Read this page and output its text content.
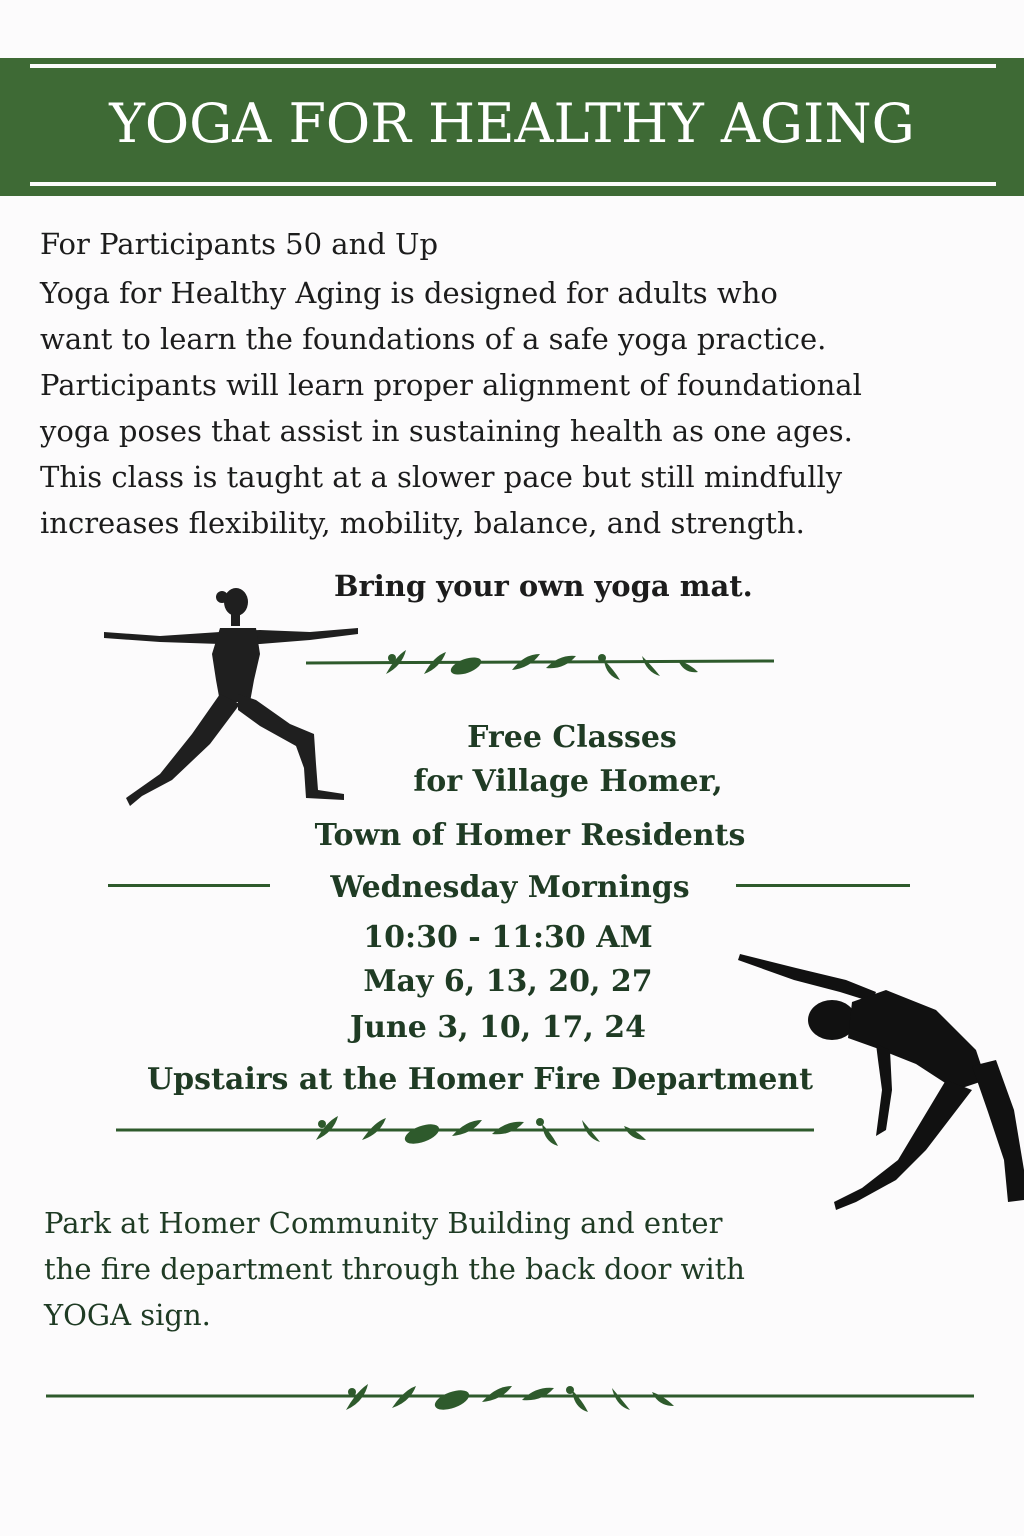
YOGA FOR HEALTHY AGING

For Participants 50 and Up

Yoga for Healthy Aging is designed for adults who
want to learn the foundations of a safe yoga practice.
Participants will learn proper alignment of foundational
yoga poses that assist in sustaining health as one ages.
This class is taught at a slower pace but still mindfully
increases flexibility, mobility, balance, and strength.

Bring your own yoga mat.

Free Classes
for Village Homer,
Town of Homer Residents
Wednesday Mornings
10:30 - 11:30 AM
May 6, 13, 20, 27
June 3, 10, 17, 24
Upstairs at the Homer Fire Department

Park at Homer Community Building and enter
the fire department through the back door with
YOGA sign.
